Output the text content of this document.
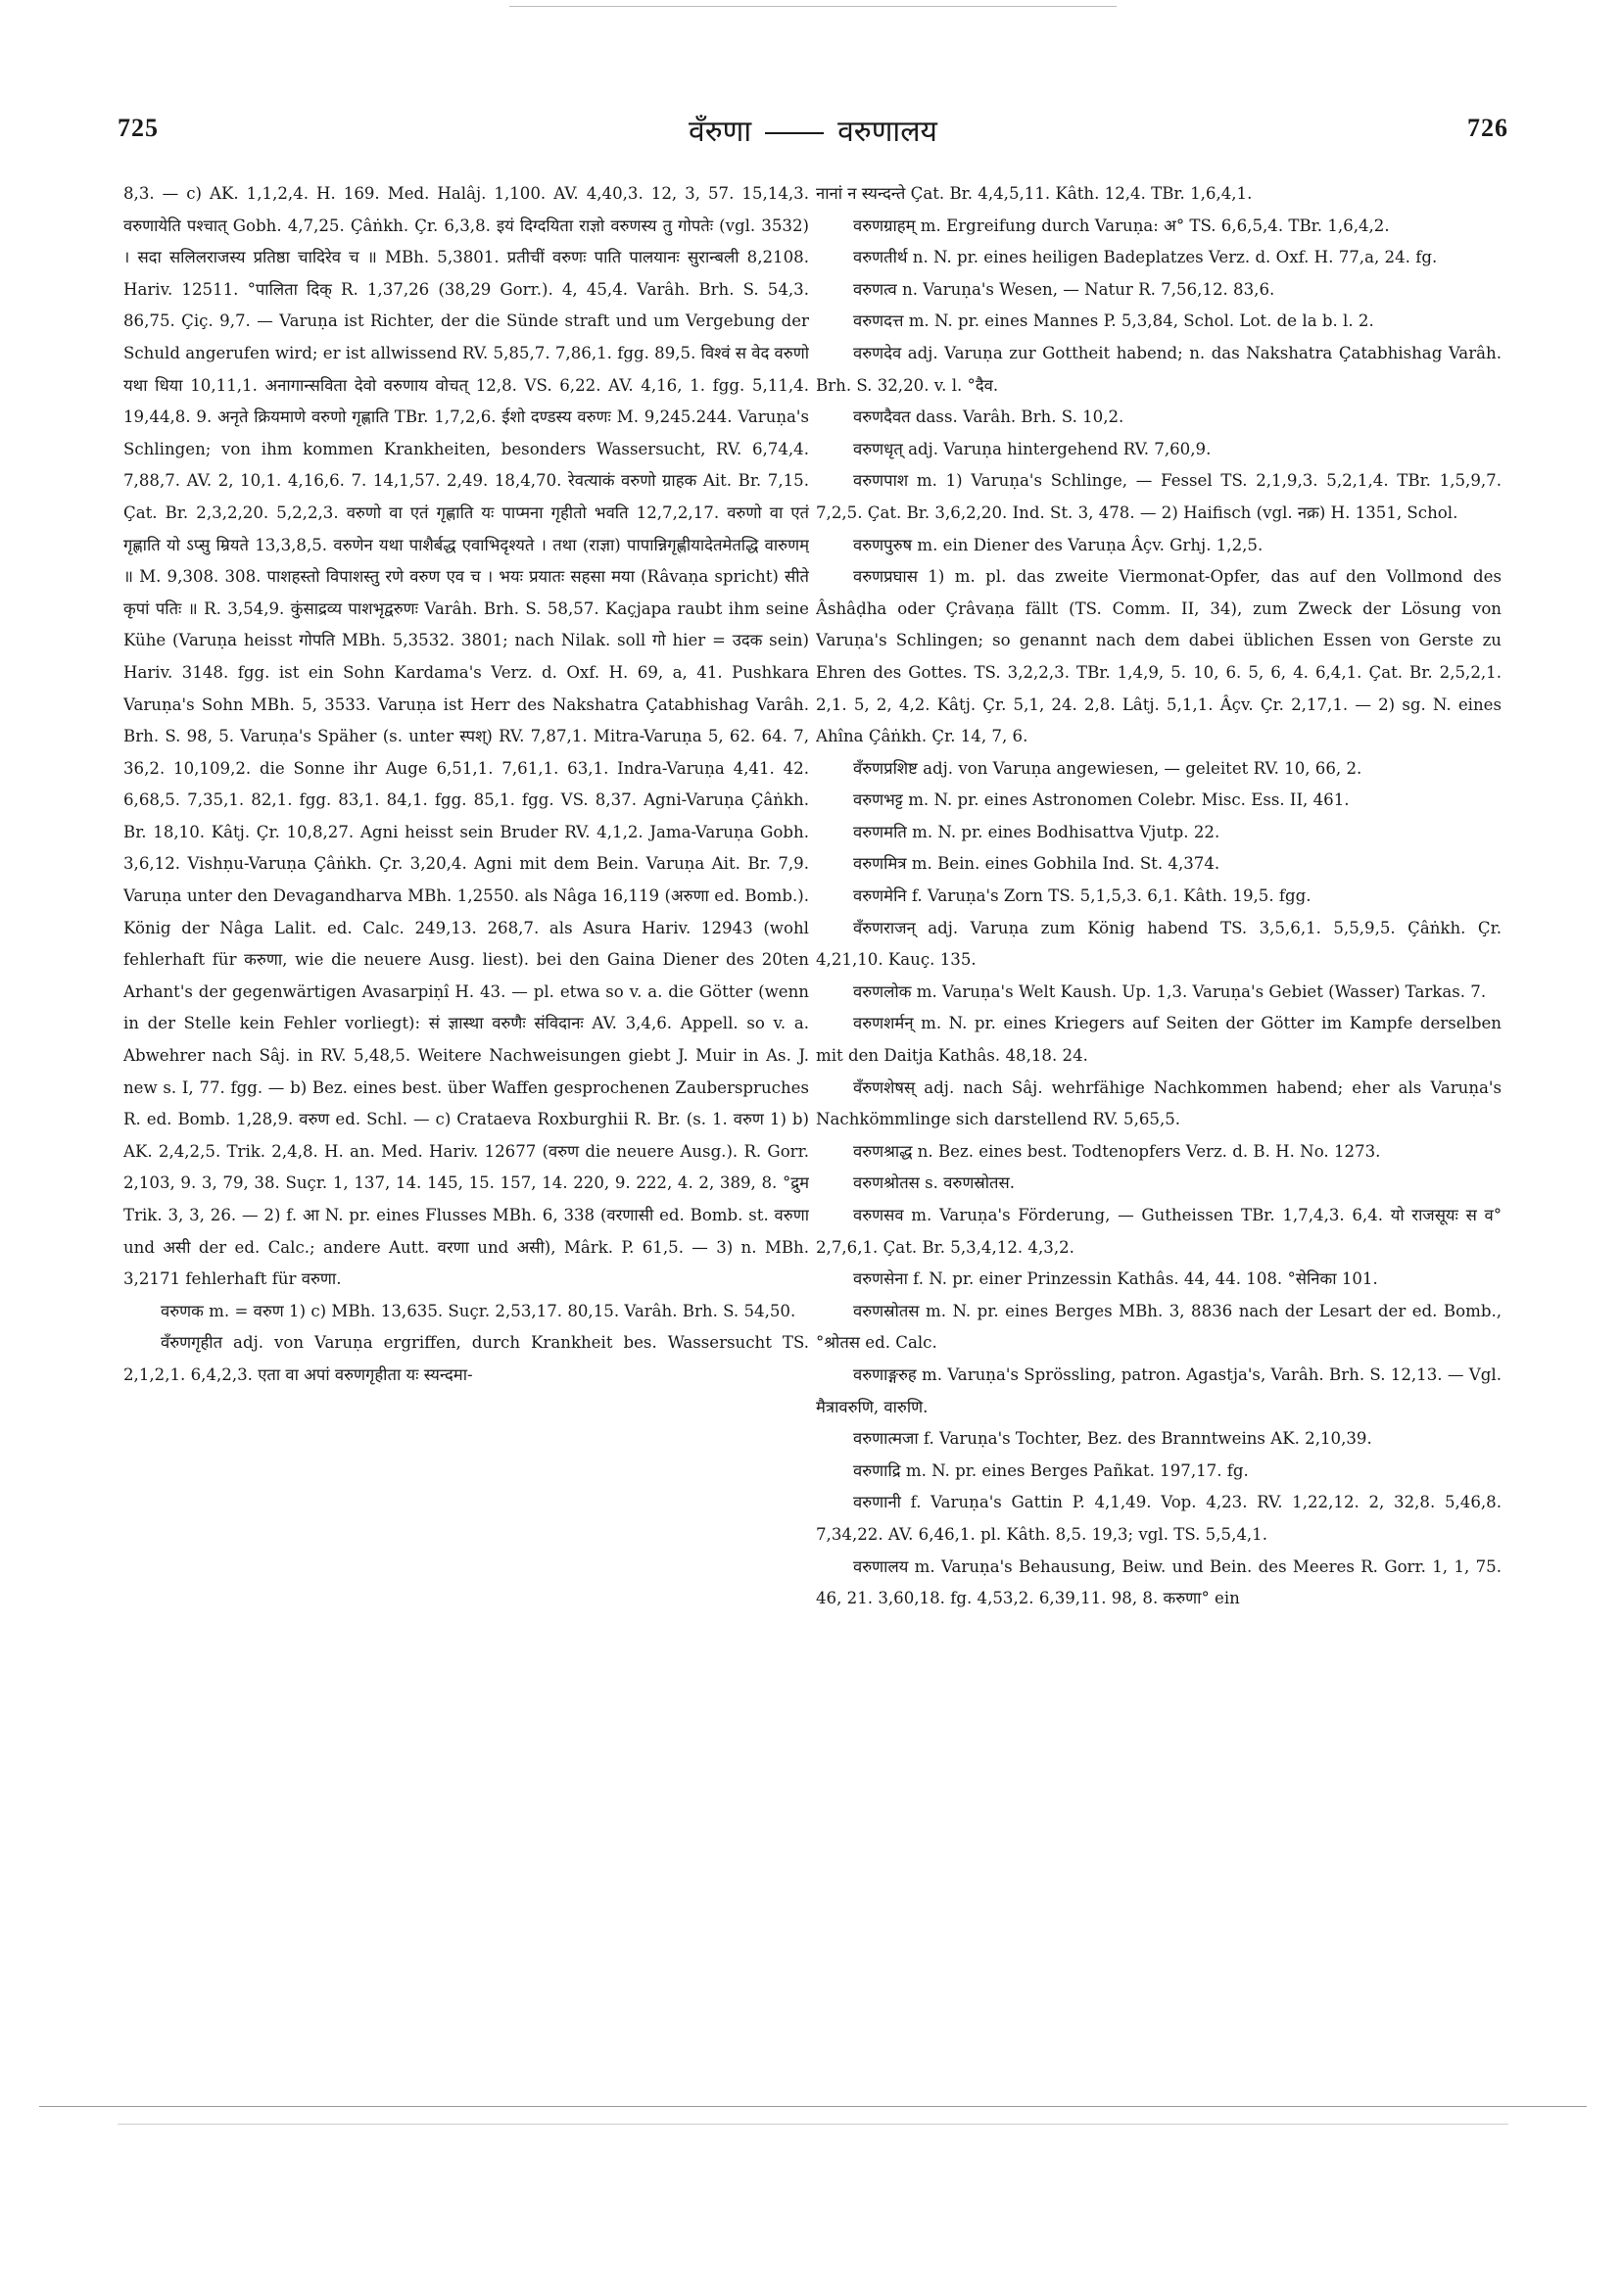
725	वँरुणा	वरुणालय	726

8,3. — c) AK. 1,1,2,4. H. 169. Med. Halâj. 1,100. AV. 4,40,3. 12, 3, 57. 15,14,3. वरुणायेति पश्चात् Gobh. 4,7,25. Çâṅkh. Çr. 6,3,8. इयं दिग्दयिता राज्ञो वरुणस्य तु गोपतेः (vgl. 3532) । सदा सलिलराजस्य प्रतिष्ठा चादिरेव च ॥ MBh. 5,3801. प्रतीचीं वरुणः पाति पालयानः सुरान्बली 8,2108. Hariv. 12511. °पालिता दिक् R. 1,37,26 (38,29 Gorr.). 4, 45,4. Varâh. Brh. S. 54,3. 86,75. Çiç. 9,7. — Varuṇa ist Richter, der die Sünde straft und um Vergebung der Schuld angerufen wird; er ist allwissend RV. 5,85,7. 7,86,1. fgg. 89,5. विश्वं स वेद वरुणो यथा धिया 10,11,1. अनागान्सविता देवो वरुणाय वोचत् 12,8. VS. 6,22. AV. 4,16, 1. fgg. 5,11,4. 19,44,8. 9. अनृते क्रियमाणे वरुणो गृह्णाति TBr. 1,7,2,6. ईशो दण्डस्य वरुणः M. 9,245.244. Varuṇa's Schlingen; von ihm kommen Krankheiten, besonders Wassersucht, RV. 6,74,4. 7,88,7. AV. 2, 10,1. 4,16,6. 7. 14,1,57. 2,49. 18,4,70. रेवत्याकं वरुणो ग्राहक Ait. Br. 7,15. Çat. Br. 2,3,2,20. 5,2,2,3. वरुणो वा एतं गृह्णाति यः पाप्मना गृहीतो भवति 12,7,2,17. वरुणो वा एतं गृह्णाति यो ऽप्सु म्रियते 13,3,8,5. वरुणेन यथा पाशैर्बद्ध एवाभिदृश्यते । तथा (राज्ञा) पापान्निगृह्णीयादेतमेतद्धि वारुणम् ॥ M. 9,308. 308. पाशहस्तो विपाशस्तु रणे वरुण एव च । भयः प्रयातः सहसा मया (Râvaṇa spricht) सीते कृपां पतिः ॥ R. 3,54,9. कुंसाद्रव्य पाशभृद्वरुणः Varâh. Brh. S. 58,57. Kaçjapa raubt ihm seine Kühe (Varuṇa heisst गोपति MBh. 5,3532. 3801; nach Nilak. soll गो hier = उदक sein) Hariv. 3148. fgg. ist ein Sohn Kardama's Verz. d. Oxf. H. 69, a, 41. Pushkara Varuṇa's Sohn MBh. 5, 3533. Varuṇa ist Herr des Nakshatra Çatabhishag Varâh. Brh. S. 98, 5. Varuṇa's Späher (s. unter स्पश्) RV. 7,87,1. Mitra-Varuṇa 5, 62. 64. 7, 36,2. 10,109,2. die Sonne ihr Auge 6,51,1. 7,61,1. 63,1. Indra-Varuṇa 4,41. 42. 6,68,5. 7,35,1. 82,1. fgg. 83,1. 84,1. fgg. 85,1. fgg. VS. 8,37. Agni-Varuṇa Çâṅkh. Br. 18,10. Kâtj. Çr. 10,8,27. Agni heisst sein Bruder RV. 4,1,2. Jama-Varuṇa Gobh. 3,6,12. Vishṇu-Varuṇa Çâṅkh. Çr. 3,20,4. Agni mit dem Bein. Varuṇa Ait. Br. 7,9. Varuṇa unter den Devagandharva MBh. 1,2550. als Nâga 16,119 (अरुणा ed. Bomb.). König der Nâga Lalit. ed. Calc. 249,13. 268,7. als Asura Hariv. 12943 (wohl fehlerhaft für करुणा, wie die neuere Ausg. liest). bei den Gaina Diener des 20ten Arhant's der gegenwärtigen Avasarpiṇî H. 43. — pl. etwa so v. a. die Götter (wenn in der Stelle kein Fehler vorliegt): सं ज्ञास्था वरुणैः संविदानः AV. 3,4,6. Appell. so v. a. Abwehrer nach Sâj. in RV. 5,48,5. Weitere Nachweisungen giebt J. Muir in As. J. new s. I, 77. fgg. — b) Bez. eines best. über Waffen gesprochenen Zauberspruches R. ed. Bomb. 1,28,9. वरुण ed. Schl. — c) Crataeva Roxburghii R. Br. (s. 1. वरुण 1) b) AK. 2,4,2,5. Trik. 2,4,8. H. an. Med. Hariv. 12677 (वरुण die neuere Ausg.). R. Gorr. 2,103, 9. 3, 79, 38. Suçr. 1, 137, 14. 145, 15. 157, 14. 220, 9. 222, 4. 2, 389, 8. °द्रुम Trik. 3, 3, 26. — 2) f. आ N. pr. eines Flusses MBh. 6, 338 (वरणासी ed. Bomb. st. वरुणा und असी der ed. Calc.; andere Autt. वरणा und असी), Mârk. P. 61,5. — 3) n. MBh. 3,2171 fehlerhaft für वरुणा.

वरुणक m. = वरुण 1) c) MBh. 13,635. Suçr. 2,53,17. 80,15. Varâh. Brh. S. 54,50.

वँरुणगृहीत adj. von Varuṇa ergriffen, durch Krankheit bes. Wassersucht TS. 2,1,2,1. 6,4,2,3. एता वा अपां वरुणगृहीता यः स्यन्दमा-

नानां न स्यन्दन्ते Çat. Br. 4,4,5,11. Kâth. 12,4. TBr. 1,6,4,1.

वरुणग्राहम् m. Ergreifung durch Varuṇa: अ° TS. 6,6,5,4. TBr. 1,6,4,2.

वरुणतीर्थ n. N. pr. eines heiligen Badeplatzes Verz. d. Oxf. H. 77,a, 24. fg.

वरुणत्व n. Varuṇa's Wesen, — Natur R. 7,56,12. 83,6.

वरुणदत्त m. N. pr. eines Mannes P. 5,3,84, Schol. Lot. de la b. l. 2.

वरुणदेव adj. Varuṇa zur Gottheit habend; n. das Nakshatra Çatabhishag Varâh. Brh. S. 32,20. v. l. °दैव.

वरुणदैवत dass. Varâh. Brh. S. 10,2.

वरुणधृत् adj. Varuṇa hintergehend RV. 7,60,9.

वरुणपाश m. 1) Varuṇa's Schlinge, — Fessel TS. 2,1,9,3. 5,2,1,4. TBr. 1,5,9,7. 7,2,5. Çat. Br. 3,6,2,20. Ind. St. 3, 478. — 2) Haifisch (vgl. नक्र) H. 1351, Schol.

वरुणपुरुष m. ein Diener des Varuṇa Âçv. Grhj. 1,2,5.

वरुणप्रघास 1) m. pl. das zweite Viermonat-Opfer, das auf den Vollmond des Âshâḍha oder Çrâvaṇa fällt (TS. Comm. II, 34), zum Zweck der Lösung von Varuṇa's Schlingen; so genannt nach dem dabei üblichen Essen von Gerste zu Ehren des Gottes. TS. 3,2,2,3. TBr. 1,4,9, 5. 10, 6. 5, 6, 4. 6,4,1. Çat. Br. 2,5,2,1. 2,1. 5, 2, 4,2. Kâtj. Çr. 5,1, 24. 2,8. Lâtj. 5,1,1. Âçv. Çr. 2,17,1. — 2) sg. N. eines Ahîna Çâṅkh. Çr. 14, 7, 6.

वँरुणप्रशिष्ट adj. von Varuṇa angewiesen, — geleitet RV. 10, 66, 2.

वरुणभट्ट m. N. pr. eines Astronomen Colebr. Misc. Ess. II, 461.

वरुणमति m. N. pr. eines Bodhisattva Vjutp. 22.

वरुणमित्र m. Bein. eines Gobhila Ind. St. 4,374.

वरुणमेनि f. Varuṇa's Zorn TS. 5,1,5,3. 6,1. Kâth. 19,5. fgg.

वँरुणराजन् adj. Varuṇa zum König habend TS. 3,5,6,1. 5,5,9,5. Çâṅkh. Çr. 4,21,10. Kauç. 135.

वरुणलोक m. Varuṇa's Welt Kaush. Up. 1,3. Varuṇa's Gebiet (Wasser) Tarkas. 7.

वरुणशर्मन् m. N. pr. eines Kriegers auf Seiten der Götter im Kampfe derselben mit den Daitja Kathâs. 48,18. 24.

वँरुणशेषस् adj. nach Sâj. wehrfähige Nachkommen habend; eher als Varuṇa's Nachkömmlinge sich darstellend RV. 5,65,5.

वरुणश्राद्ध n. Bez. eines best. Todtenopfers Verz. d. B. H. No. 1273.

वरुणश्रोतस s. वरुणस्रोतस.

वरुणसव m. Varuṇa's Förderung, — Gutheissen TBr. 1,7,4,3. 6,4. यो राजसूयः स व° 2,7,6,1. Çat. Br. 5,3,4,12. 4,3,2.

वरुणसेना f. N. pr. einer Prinzessin Kathâs. 44, 44. 108. °सेनिका 101.

वरुणस्रोतस m. N. pr. eines Berges MBh. 3, 8836 nach der Lesart der ed. Bomb., °श्रोतस ed. Calc.

वरुणाङ्गरुह m. Varuṇa's Sprössling, patron. Agastja's, Varâh. Brh. S. 12,13. — Vgl. मैत्रावरुणि, वारुणि.

वरुणात्मजा f. Varuṇa's Tochter, Bez. des Branntweins AK. 2,10,39.

वरुणाद्रि m. N. pr. eines Berges Pañkat. 197,17. fg.

वरुणानी f. Varuṇa's Gattin P. 4,1,49. Vop. 4,23. RV. 1,22,12. 2, 32,8. 5,46,8. 7,34,22. AV. 6,46,1. pl. Kâth. 8,5. 19,3; vgl. TS. 5,5,4,1.

वरुणालय m. Varuṇa's Behausung, Beiw. und Bein. des Meeres R. Gorr. 1, 1, 75. 46, 21. 3,60,18. fg. 4,53,2. 6,39,11. 98, 8. करुणा° ein
